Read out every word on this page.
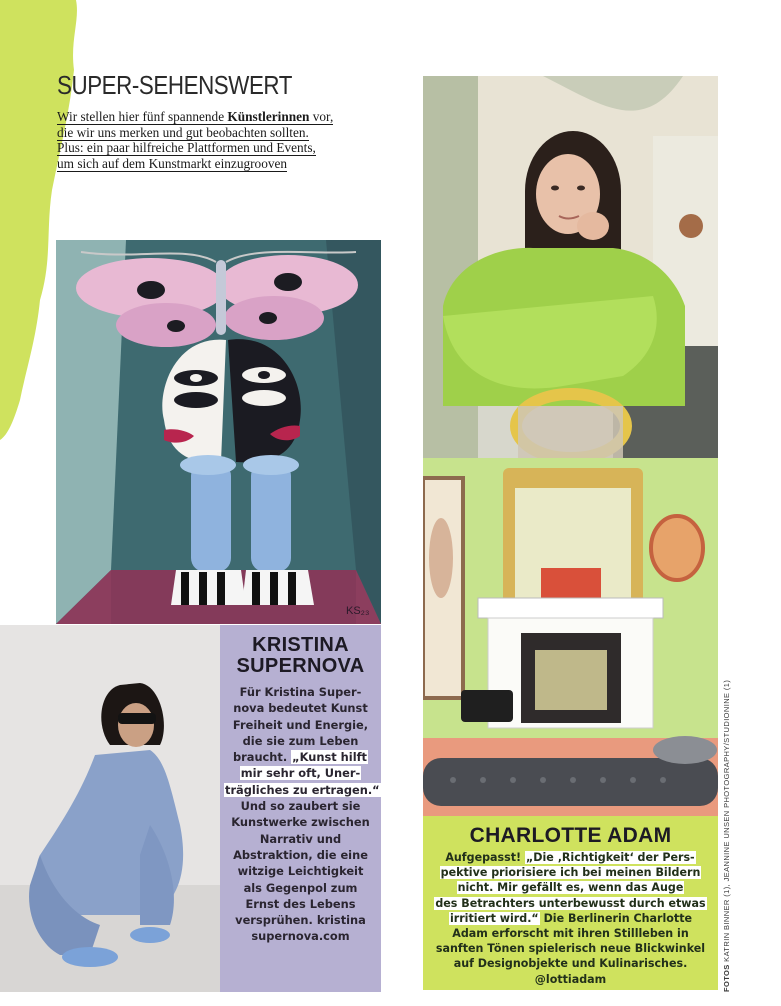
SUPER-SEHENSWERT
Wir stellen hier fünf spannende Künstlerinnen vor,
die wir uns merken und gut beobachten sollten.
Plus: ein paar hilfreiche Plattformen und Events,
um sich auf dem Kunstmarkt einzugrooven
KS₂₃
KRISTINA
SUPERNOVA
Für Kristina Super-
nova bedeutet Kunst
Freiheit und Energie,
die sie zum Leben
braucht. „Kunst hilft
mir sehr oft, Uner-
trägliches zu ertragen.“
Und so zaubert sie
Kunstwerke zwischen
Narrativ und
Abstraktion, die eine
witzige Leichtigkeit
als Gegenpol zum
Ernst des Lebens
versprühen. kristina
supernova.com
CHARLOTTE ADAM
Aufgepasst! „Die ‚Richtigkeit‘ der Pers-
pektive priorisiere ich bei meinen Bildern
nicht. Mir gefällt es, wenn das Auge
des Betrachters unterbewusst durch etwas
irritiert wird.“ Die Berlinerin Charlotte
Adam erforscht mit ihren Stillleben in
sanften Tönen spielerisch neue Blickwinkel
auf Designobjekte und Kulinarisches.
@lottiadam	FOTOS KATRIN BINNER (1), JEANNINE UNSEN PHOTOGRAPHY/STUDIONINE (1)
